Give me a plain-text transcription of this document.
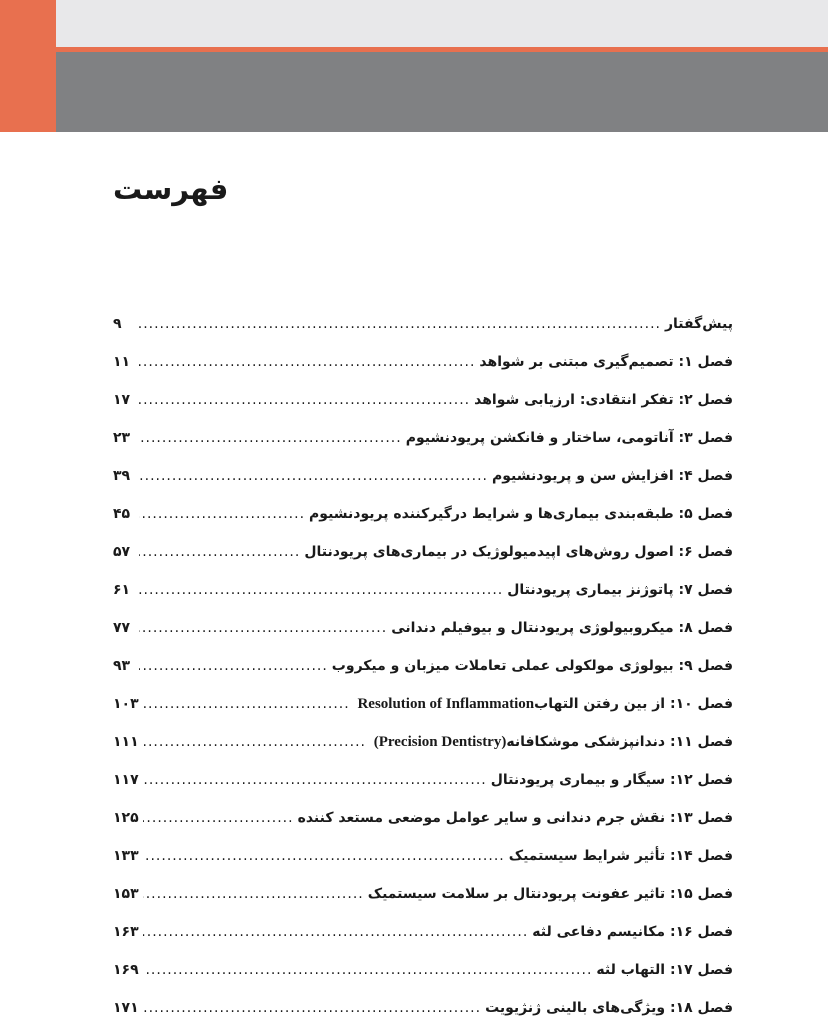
فهرست
پیش‌گفتار
.....
۹
فصل ۱: تصمیم‌گیری مبتنی بر شواهد
.....
۱۱
فصل ۲: تفکر انتقادی: ارزیابی شواهد
.....
۱۷
فصل ۳: آناتومی، ساختار و فانکشن پریودنشیوم
.....
۲۳
فصل ۴: افزایش سن و پریودنشیوم
.....
۳۹
فصل ۵: طبقه‌بندی بیماری‌ها و شرایط درگیرکننده پریودنشیوم
.....
۴۵
فصل ۶: اصول روش‌های اپیدمیولوژیک در بیماری‌های پریودنتال
.....
۵۷
فصل ۷: پاتوژنز بیماری پریودنتال
.....
۶۱
فصل ۸: میکروبیولوژی پریودنتال و بیوفیلم دندانی
.....
۷۷
فصل ۹: بیولوژی مولکولی عملی تعاملات میزبان و میکروب
.....
۹۳
فصل ۱۰: از بین رفتن التهاب Resolution of Inflammation
.....
۱۰۳
فصل ۱۱: دندانپزشکی موشکافانه (Precision Dentistry)
.....
۱۱۱
فصل ۱۲: سیگار و بیماری پریودنتال
.....
۱۱۷
فصل ۱۳: نقش جرم دندانی و سایر عوامل موضعی مستعد کننده
.....
۱۲۵
فصل ۱۴: تأثیر شرایط سیستمیک
.....
۱۳۳
فصل ۱۵: تاثیر عفونت پریودنتال بر سلامت سیستمیک
.....
۱۵۳
فصل ۱۶: مکانیسم دفاعی لثه
.....
۱۶۳
فصل ۱۷: التهاب لثه
.....
۱۶۹
فصل ۱۸: ویژگی‌های بالینی ژنژیویت
.....
۱۷۱
